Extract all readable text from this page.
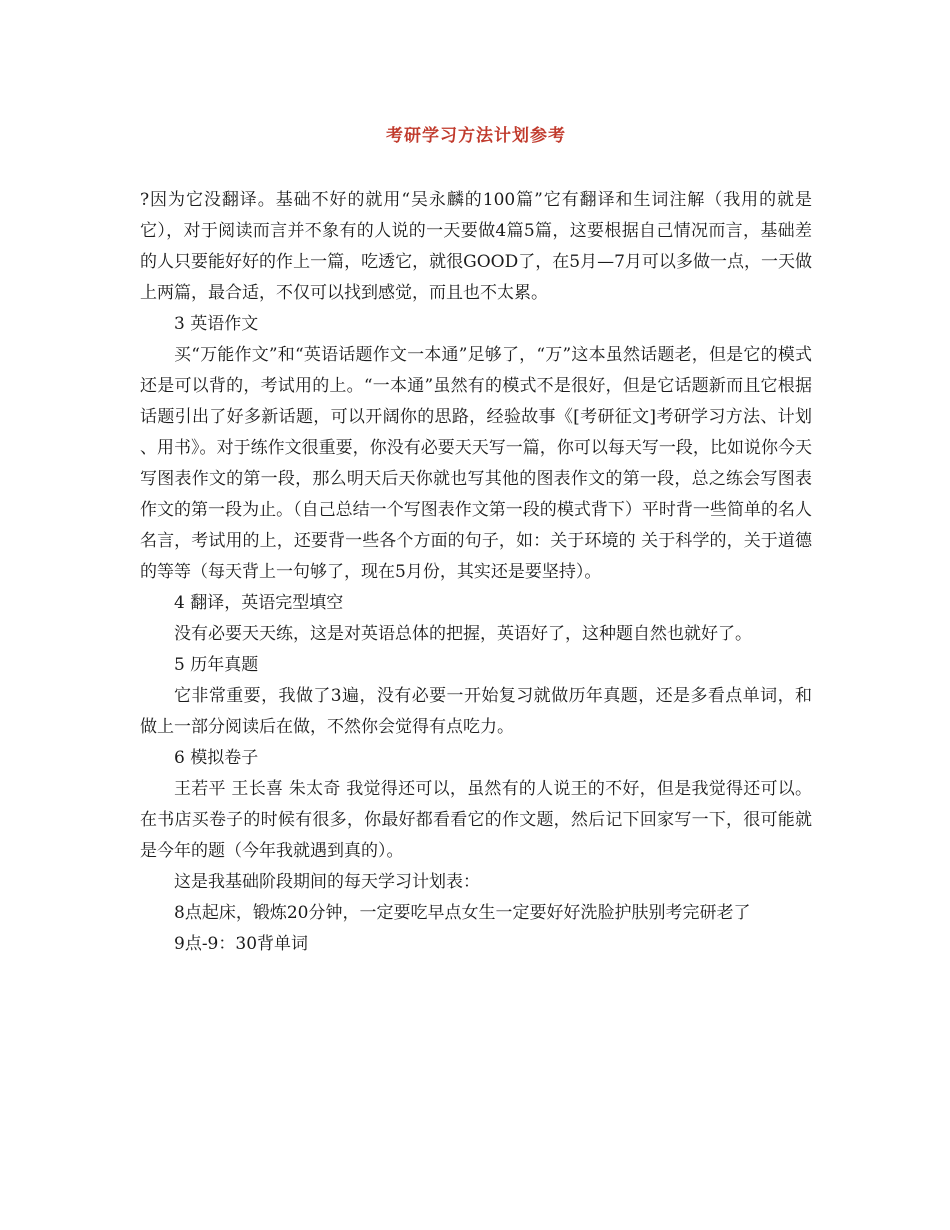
考研学习方法计划参考

?因为它没翻译。基础不好的就用“吴永麟的100篇”它有翻译和生词注解（我用的就是它），对于阅读而言并不象有的人说的一天要做4篇5篇，这要根据自己情况而言，基础差的人只要能好好的作上一篇，吃透它，就很GOOD了，在5月—7月可以多做一点，一天做上两篇，最合适，不仅可以找到感觉，而且也不太累。

3 英语作文

买“万能作文”和“英语话题作文一本通”足够了，“万”这本虽然话题老，但是它的模式还是可以背的，考试用的上。“一本通”虽然有的模式不是很好，但是它话题新而且它根据话题引出了好多新话题，可以开阔你的思路，经验故事《[考研征文]考研学习方法、计划 、用书》。对于练作文很重要，你没有必要天天写一篇，你可以每天写一段，比如说你今天写图表作文的第一段，那么明天后天你就也写其他的图表作文的第一段，总之练会写图表作文的第一段为止。（自己总结一个写图表作文第一段的模式背下）平时背一些简单的名人名言，考试用的上，还要背一些各个方面的句子，如：关于环境的 关于科学的，关于道德的等等（每天背上一句够了，现在5月份，其实还是要坚持）。

4 翻译，英语完型填空

没有必要天天练，这是对英语总体的把握，英语好了，这种题自然也就好了。

5 历年真题

它非常重要，我做了3遍，没有必要一开始复习就做历年真题，还是多看点单词，和做上一部分阅读后在做，不然你会觉得有点吃力。

6 模拟卷子

王若平 王长喜 朱太奇 我觉得还可以，虽然有的人说王的不好，但是我觉得还可以。在书店买卷子的时候有很多，你最好都看看它的作文题，然后记下回家写一下，很可能就是今年的题（今年我就遇到真的）。

这是我基础阶段期间的每天学习计划表：

8点起床，锻炼20分钟，一定要吃早点女生一定要好好洗脸护肤别考完研老了

9点-9：30背单词
